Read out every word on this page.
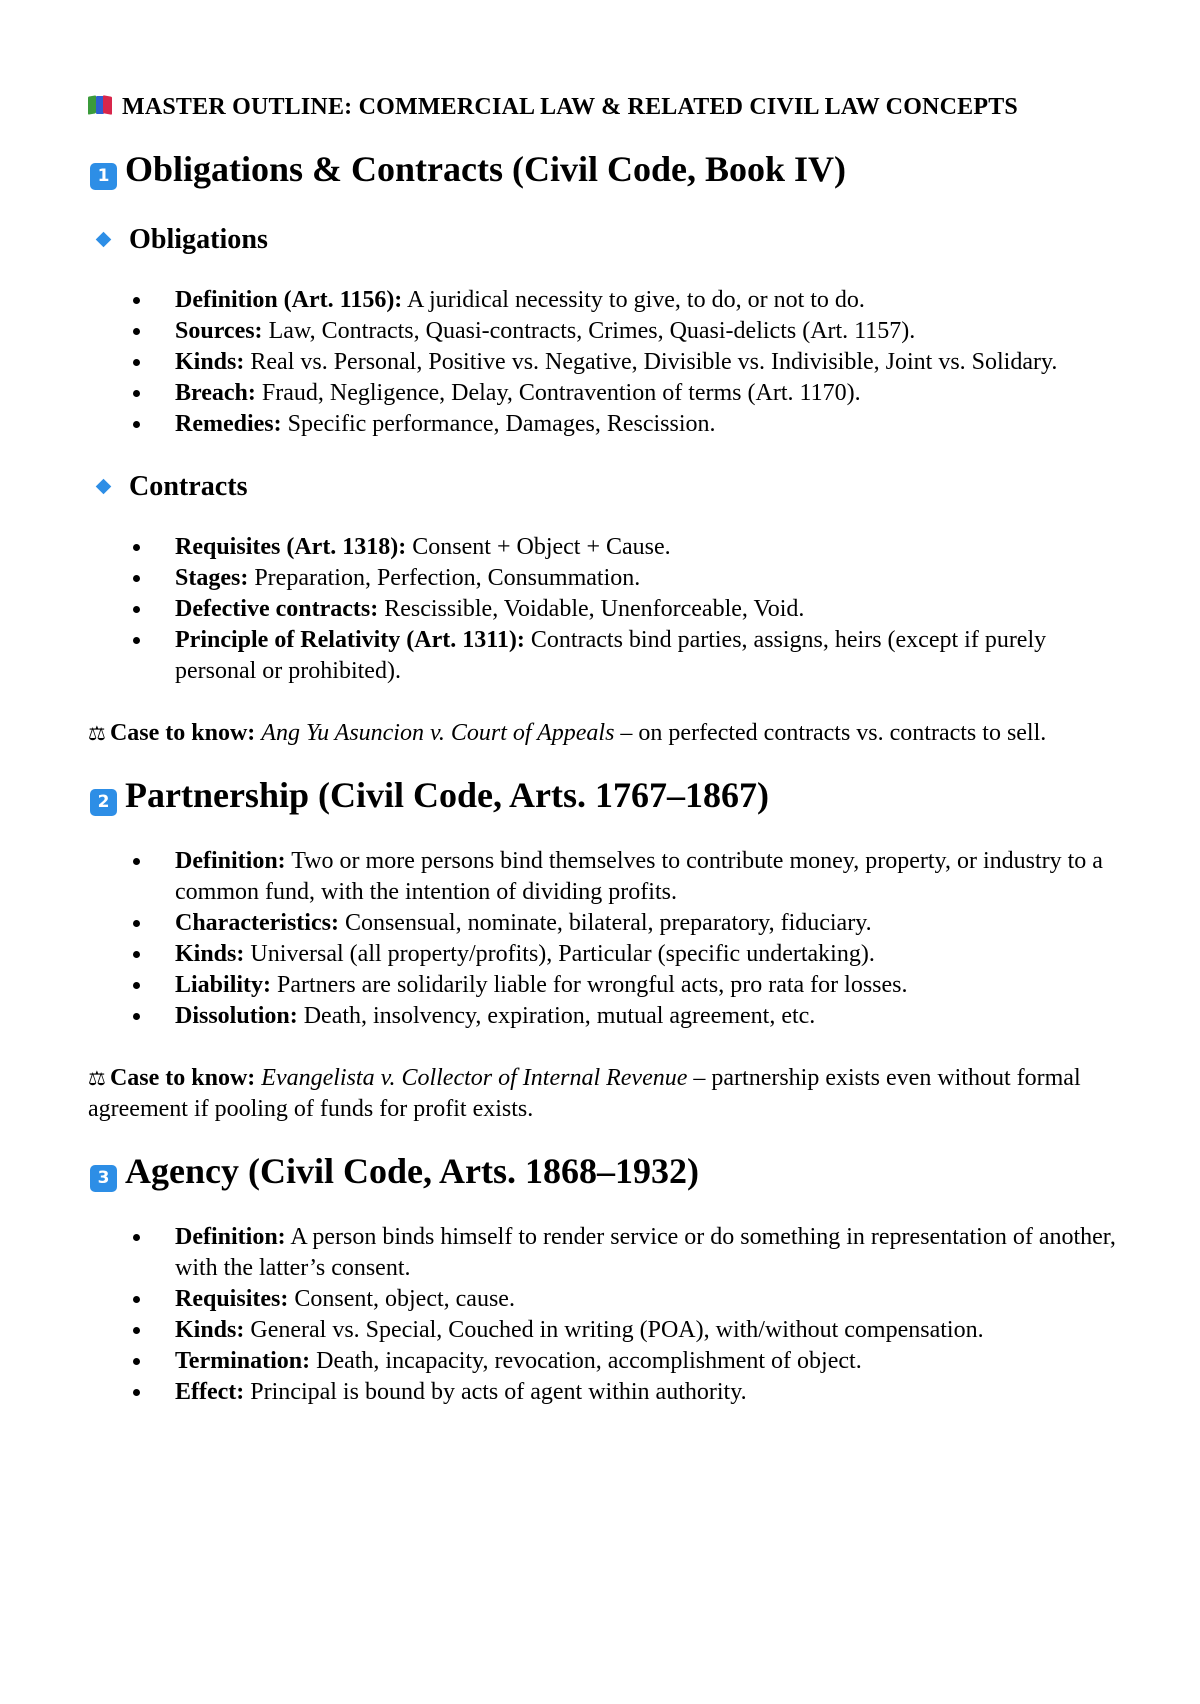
MASTER OUTLINE: COMMERCIAL LAW & RELATED CIVIL LAW CONCEPTS
1 Obligations & Contracts (Civil Code, Book IV)
Obligations
Definition (Art. 1156): A juridical necessity to give, to do, or not to do.
Sources: Law, Contracts, Quasi-contracts, Crimes, Quasi-delicts (Art. 1157).
Kinds: Real vs. Personal, Positive vs. Negative, Divisible vs. Indivisible, Joint vs. Solidary.
Breach: Fraud, Negligence, Delay, Contravention of terms (Art. 1170).
Remedies: Specific performance, Damages, Rescission.
Contracts
Requisites (Art. 1318): Consent + Object + Cause.
Stages: Preparation, Perfection, Consummation.
Defective contracts: Rescissible, Voidable, Unenforceable, Void.
Principle of Relativity (Art. 1311): Contracts bind parties, assigns, heirs (except if purely personal or prohibited).

⚖ Case to know: Ang Yu Asuncion v. Court of Appeals – on perfected contracts vs. contracts to sell.

2 Partnership (Civil Code, Arts. 1767–1867)
Definition: Two or more persons bind themselves to contribute money, property, or industry to a common fund, with the intention of dividing profits.
Characteristics: Consensual, nominate, bilateral, preparatory, fiduciary.
Kinds: Universal (all property/profits), Particular (specific undertaking).
Liability: Partners are solidarily liable for wrongful acts, pro rata for losses.
Dissolution: Death, insolvency, expiration, mutual agreement, etc.

⚖ Case to know: Evangelista v. Collector of Internal Revenue – partnership exists even without formal agreement if pooling of funds for profit exists.

3 Agency (Civil Code, Arts. 1868–1932)
Definition: A person binds himself to render service or do something in representation of another, with the latter’s consent.
Requisites: Consent, object, cause.
Kinds: General vs. Special, Couched in writing (POA), with/without compensation.
Termination: Death, incapacity, revocation, accomplishment of object.
Effect: Principal is bound by acts of agent within authority.
